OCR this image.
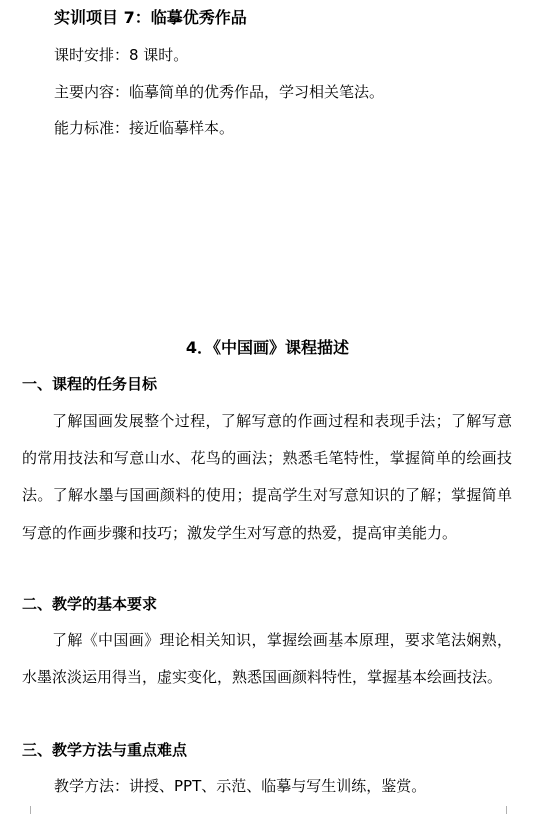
实训项目 7：临摹优秀作品
课时安排：8 课时。
主要内容：临摹简单的优秀作品，学习相关笔法。
能力标准：接近临摹样本。
4．《中国画》课程描述
一、课程的任务目标
了解国画发展整个过程，了解写意的作画过程和表现手法；了解写意的常用技法和写意山水、花鸟的画法；熟悉毛笔特性，掌握简单的绘画技法。了解水墨与国画颜料的使用；提高学生对写意知识的了解；掌握简单写意的作画步骤和技巧；激发学生对写意的热爱，提高审美能力。
二、教学的基本要求
了解《中国画》理论相关知识，掌握绘画基本原理，要求笔法娴熟，水墨浓淡运用得当，虚实变化，熟悉国画颜料特性，掌握基本绘画技法。
三、教学方法与重点难点
教学方法：讲授、PPT、示范、临摹与写生训练，鉴赏。
